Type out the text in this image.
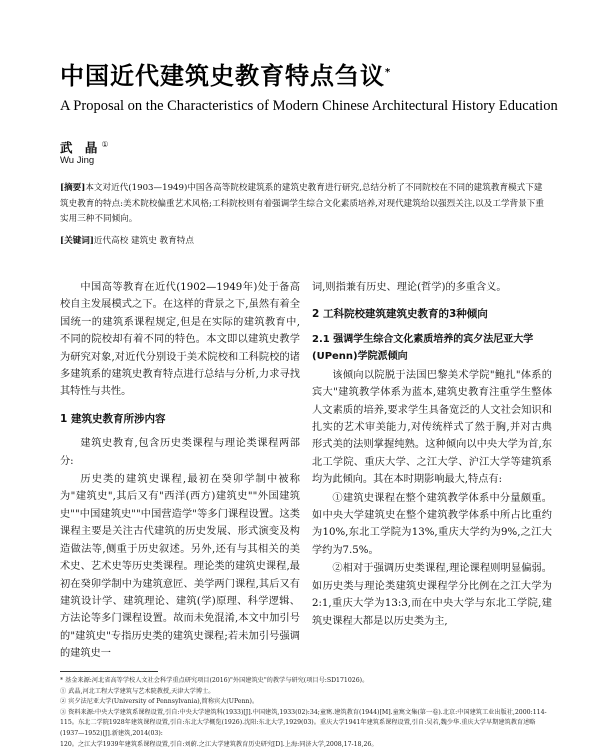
中国近代建筑史教育特点刍议*
A Proposal on the Characteristics of Modern Chinese Architectural History Education
武 晶①
Wu Jing
[摘要]本文对近代(1903—1949)中国各高等院校建筑系的建筑史教育进行研究,总结分析了不同院校在不同的建筑教育模式下建筑史教育的特点:美术院校偏重艺术风格;工科院校则有着强调学生综合文化素质培养,对现代建筑给以强烈关注,以及工学背景下重实用三种不同倾向。
[关键词]近代高校 建筑史 教育特点

中国高等教育在近代(1902—1949年)处于备高校自主发展模式之下。在这样的背景之下,虽然有着全国统一的建筑系课程规定,但是在实际的建筑教育中,不同的院校却有着不同的特色。本文即以建筑史教学为研究对象,对近代分别设于美术院校和工科院校的诸多建筑系的建筑史教育特点进行总结与分析,力求寻找其特性与共性。

1 建筑史教育所涉内容

建筑史教育,包含历史类课程与理论类课程两部分:

历史类的建筑史课程,最初在癸卯学制中被称为"建筑史",其后又有"西洋(西方)建筑史""外国建筑史""中国建筑史""中国营造学"等多门课程设置。这类课程主要是关注古代建筑的历史发展、形式演变及构造做法等,侧重于历史叙述。另外,还有与其相关的美术史、艺术史等历史类课程。理论类的建筑史课程,最初在癸卯学制中为建筑意匠、美学两门课程,其后又有建筑设计学、建筑理论、建筑(学)原理、科学逻辑、方法论等多门课程设置。故而未免混淆,本文中加引号的"建筑史"专指历史类的建筑史课程;若未加引号强调的建筑史一

词,则指兼有历史、理论(哲学)的多重含义。

2 工科院校建筑建筑史教育的3种倾向
2.1 强调学生综合文化素质培养的宾夕法尼亚大学(UPenn)学院派倾向

该倾向以院脱于法国巴黎美术学院"鲍扎"体系的宾大"建筑教学体系为蓝本,建筑史教育注重学生整体人文素质的培养,要求学生具备宽泛的人文社会知识和扎实的艺术审美能力,对传统样式了然于胸,并对古典形式美的法则掌握纯熟。这种倾向以中央大学为首,东北工学院、重庆大学、之江大学、沪江大学等建筑系均为此倾向。其在本时期影响最大,特点有:

①建筑史课程在整个建筑教学体系中分量颇重。如中央大学建筑史在整个建筑教学体系中所占比重约为10%,东北工学院为13%,重庆大学约为9%,之江大学约为7.5%。

②相对于强调历史类课程,理论课程则明显偏弱。如历史类与理论类建筑史课程学分比例在之江大学为2:1,重庆大学为13:3,而在中央大学与东北工学院,建筑史课程大都是以历史类为主,

* 基金来源:河北省高等学校人文社会科学重点研究项目(2016)"外国建筑史"的教学与研究(项目号:SD171026)。
① 武晶,河北工程大学建筑与艺术院教授,天津大学博士。
② 宾夕法尼亚大学(University of Pennsylvania),简称宾大(UPenn)。
③ 资料来源:中央大学建筑系课程设置,引自:中央大学建筑科(1933)[J].中国建筑,1933(02):34;童寯.建筑教育(1944)[M].童寯文集(第一卷).北京:中国建筑工业出版社,2000:114-115。东北二学院1928年建筑课程设置,引自:东北大学概览(1926).沈阳:东北大学,1929(03)。重庆大学1941年建筑系课程设置,引自:吴若,魏少华.重庆大学早期建筑教育述略(1937—1952)[J].新建筑,2014(03):
120。之江大学1939年建筑系课程设置,引自:刘蔚.之江大学建筑教育历史研究[D].上海:同济大学,2008,17-18,26。
